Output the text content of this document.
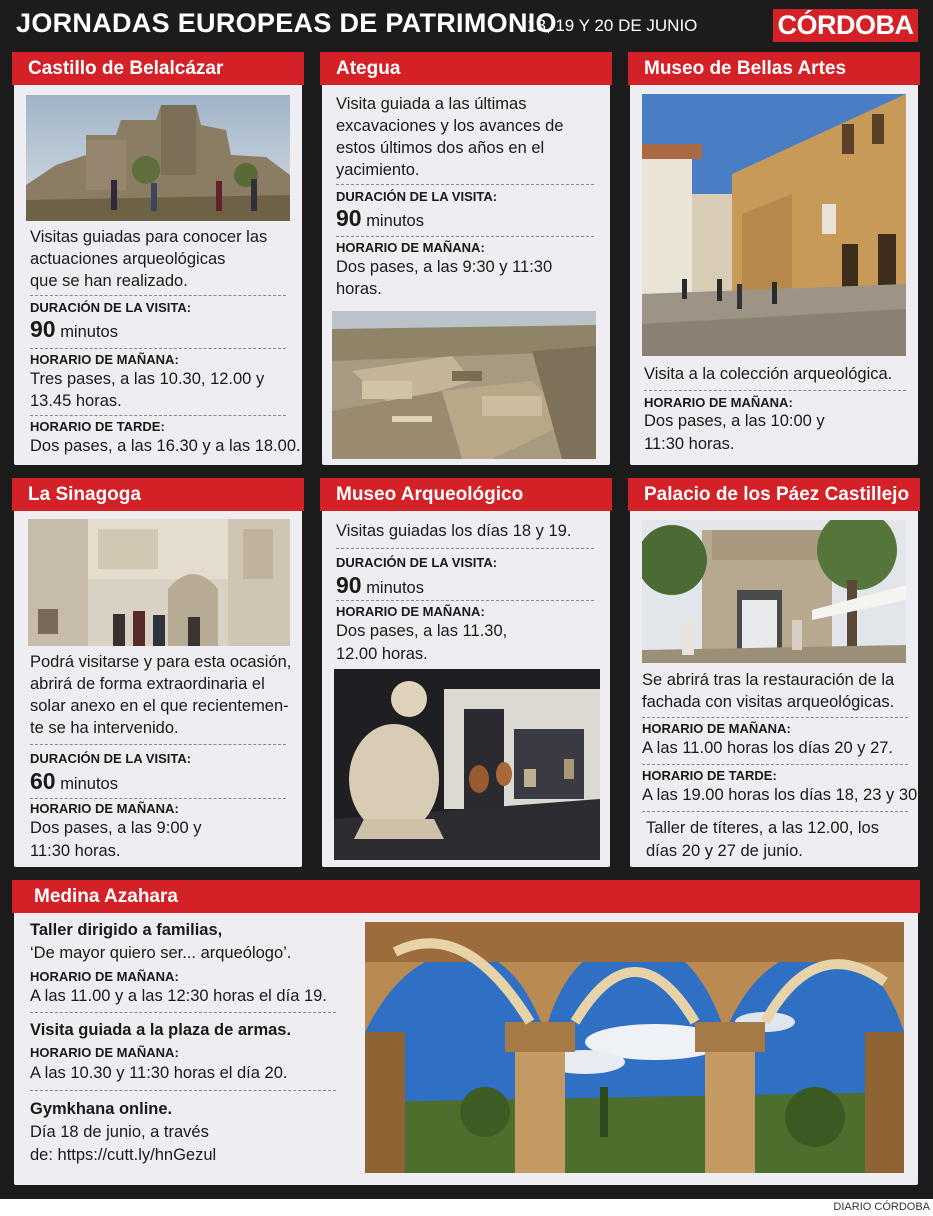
JORNADAS EUROPEAS DE PATRIMONIO
18, 19 Y 20 DE JUNIO	CÓRDOBA
Castillo de Belalcázar
Visitas guiadas para conocer las
actuaciones arqueológicas
que se han realizado.
DURACIÓN DE LA VISITA:
90 minutos
HORARIO DE MAÑANA:
Tres pases, a las 10.30, 12.00 y
13.45 horas.
HORARIO DE TARDE:
Dos pases, a las 16.30 y a las 18.00.
Ategua
Visita guiada a las últimas
excavaciones y los avances de
estos últimos dos años en el
yacimiento.
DURACIÓN DE LA VISITA:
90 minutos
HORARIO DE MAÑANA:
Dos pases, a las 9:30 y 11:30
horas.
Museo de Bellas Artes
Visita a la colección arqueológica.
HORARIO DE MAÑANA:
Dos pases, a las 10:00 y
11:30 horas.
La Sinagoga
Podrá visitarse y para esta ocasión,
abrirá de forma extraordinaria el
solar anexo en el que recientemen-
te se ha intervenido.
DURACIÓN DE LA VISITA:
60 minutos
HORARIO DE MAÑANA:
Dos pases, a las 9:00 y
11:30 horas.
Museo Arqueológico
Visitas guiadas los días 18 y 19.
DURACIÓN DE LA VISITA:
90 minutos
HORARIO DE MAÑANA:
Dos pases, a las 11.30,
12.00 horas.
Palacio de los Páez Castillejo
Se abrirá tras la restauración de la
fachada con visitas arqueológicas.
HORARIO DE MAÑANA:
A las 11.00 horas los días 20 y 27.
HORARIO DE TARDE:
A las 19.00 horas los días 18, 23 y 30.
Taller de títeres, a las 12.00, los
días 20 y 27 de junio.
Medina Azahara
Taller dirigido a familias,
‘De mayor quiero ser... arqueólogo’.
HORARIO DE MAÑANA:
A las 11.00 y a las 12:30 horas el día 19.
Visita guiada a la plaza de armas.
HORARIO DE MAÑANA:
A las 10.30 y 11:30 horas el día 20.
Gymkhana online.
Día 18 de junio, a través
de: https://cutt.ly/hnGezul
DIARIO CÓRDOBA
